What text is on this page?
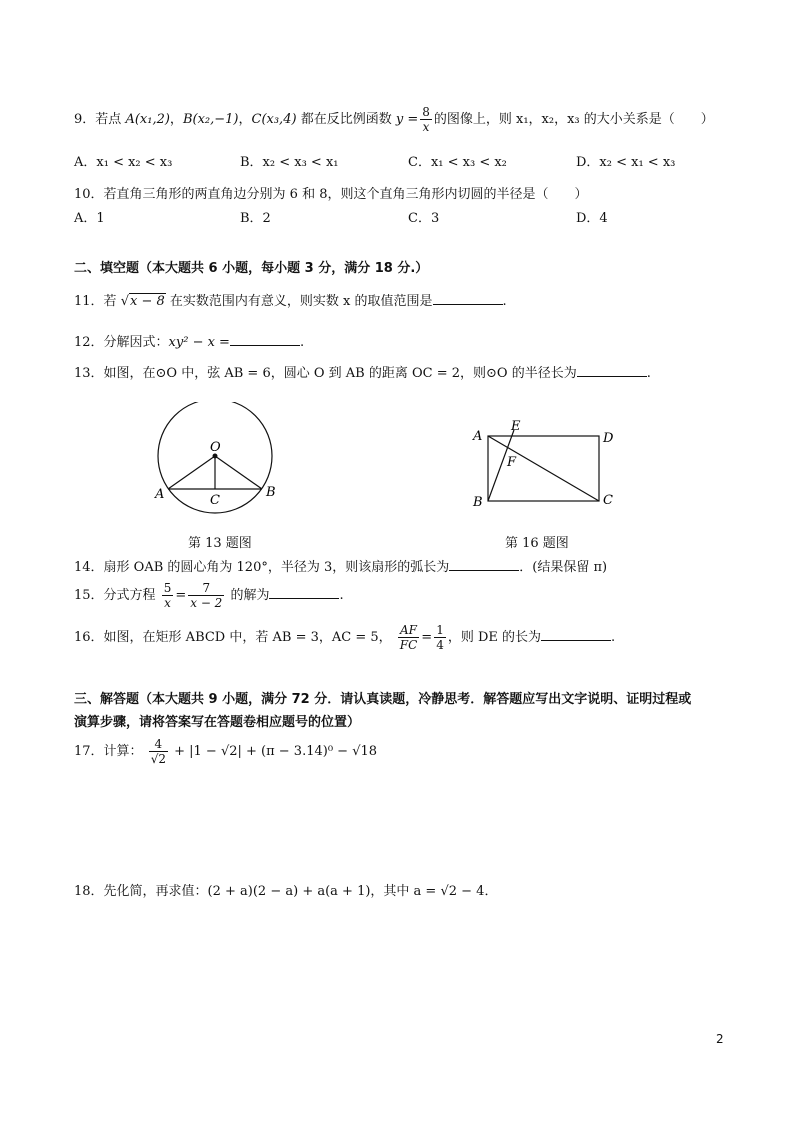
9．若点 A(x₁,2)，B(x₂,−1)，C(x₃,4) 都在反比例函数 $y = \frac{8}{x}$ 的图像上，则 x₁，x₂，x₃ 的大小关系是（　　）
A．x₁ < x₂ < x₃	B．x₂ < x₃ < x₁	C．x₁ < x₃ < x₂	D．x₂ < x₁ < x₃
10．若直角三角形的两直角边分别为 6 和 8，则这个直角三角形内切圆的半径是（　　）
A．1	B．2	C．3	D．4
二、填空题（本大题共 6 小题，每小题 3 分，满分 18 分.）
11．若 √x − 8 在实数范围内有意义，则实数 x 的取值范围是	.
12．分解因式：xy² − x =	.
13．如图，在⊙O 中，弦 AB = 6，圆心 O 到 AB 的距离 OC = 2，则⊙O 的半径长为	.
O
A	B
C
第 13 题图
A
E
D
F
B	C
第 16 题图
14．扇形 OAB 的圆心角为 120°，半径为 3，则该扇形的弧长为	．(结果保留 π)
15．分式方程 $\frac{5}{x} = \frac{7}{x - 2}$ 的解为	.
16．如图，在矩形 ABCD 中，若 AB = 3，AC = 5， $\frac{AF}{FC} = \frac{1}{4}$ ，则 DE 的长为	.
三、解答题（本大题共 9 小题，满分 72 分．请认真读题，冷静思考．解答题应写出文字说明、证明过程或
演算步骤，请将答案写在答题卷相应题号的位置）
17．计算： $\frac{4}{√2} + |1 - √2| + (\pi - 3.14)^0 - √18$
18．先化简，再求值：(2 + a)(2 − a) + a(a + 1)，其中 a = √2 − 4．
2
